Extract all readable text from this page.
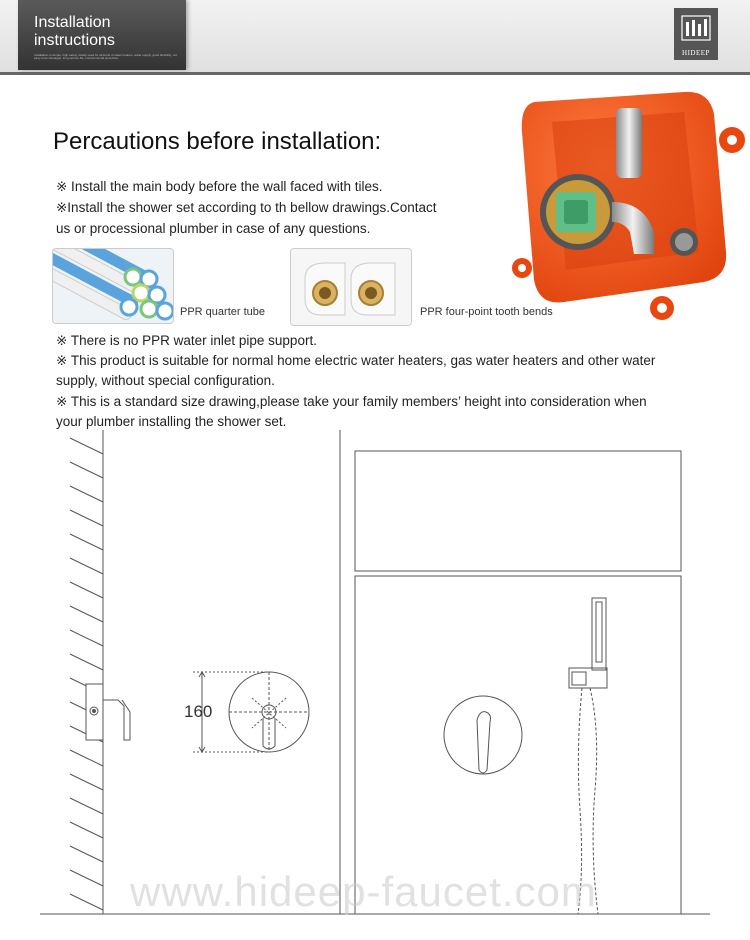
Installation
instructions
Installation is simple, high safety, widely used for all kinds of water heaters, water supply, good flexibility, not easy to be damaged, long service life, environmental protection.
HIDEEP
Percautions before installation:
※ Install the main body before the wall faced with tiles.
※Install the shower set according to th bellow drawings.Contact
us or processional plumber in case of any questions.
PPR quarter tube	PPR four-point tooth bends
※ There is no PPR water inlet pipe support.
※ This product is suitable for normal home electric water heaters, gas water heaters and other water
supply, without special configuration.
※ This is a standard size drawing,please take your family members’ height into consideration when
your plumber installing the shower set.
160
www.hideep-faucet.com
